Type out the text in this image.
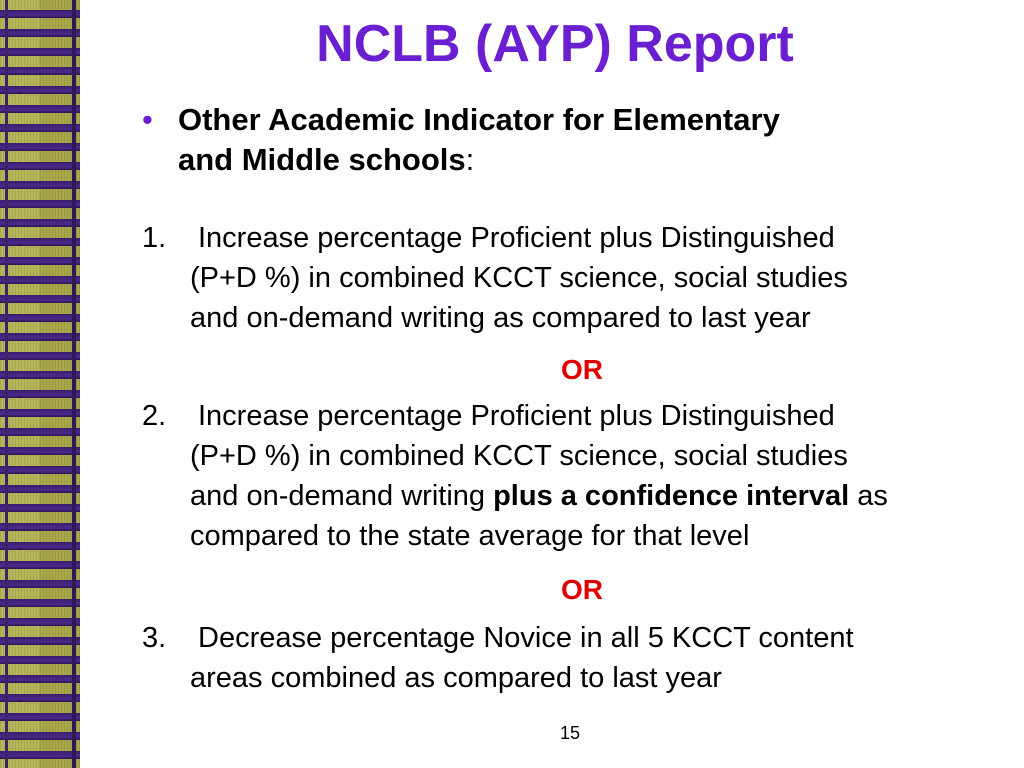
NCLB (AYP) Report
• Other Academic Indicator for Elementary
and Middle schools:
1. Increase percentage Proficient plus Distinguished
(P+D %) in combined KCCT science, social studies
and on-demand writing as compared to last year
OR
2. Increase percentage Proficient plus Distinguished
(P+D %) in combined KCCT science, social studies
and on-demand writing plus a confidence interval as
compared to the state average for that level
OR
3. Decrease percentage Novice in all 5 KCCT content
areas combined as compared to last year
15
